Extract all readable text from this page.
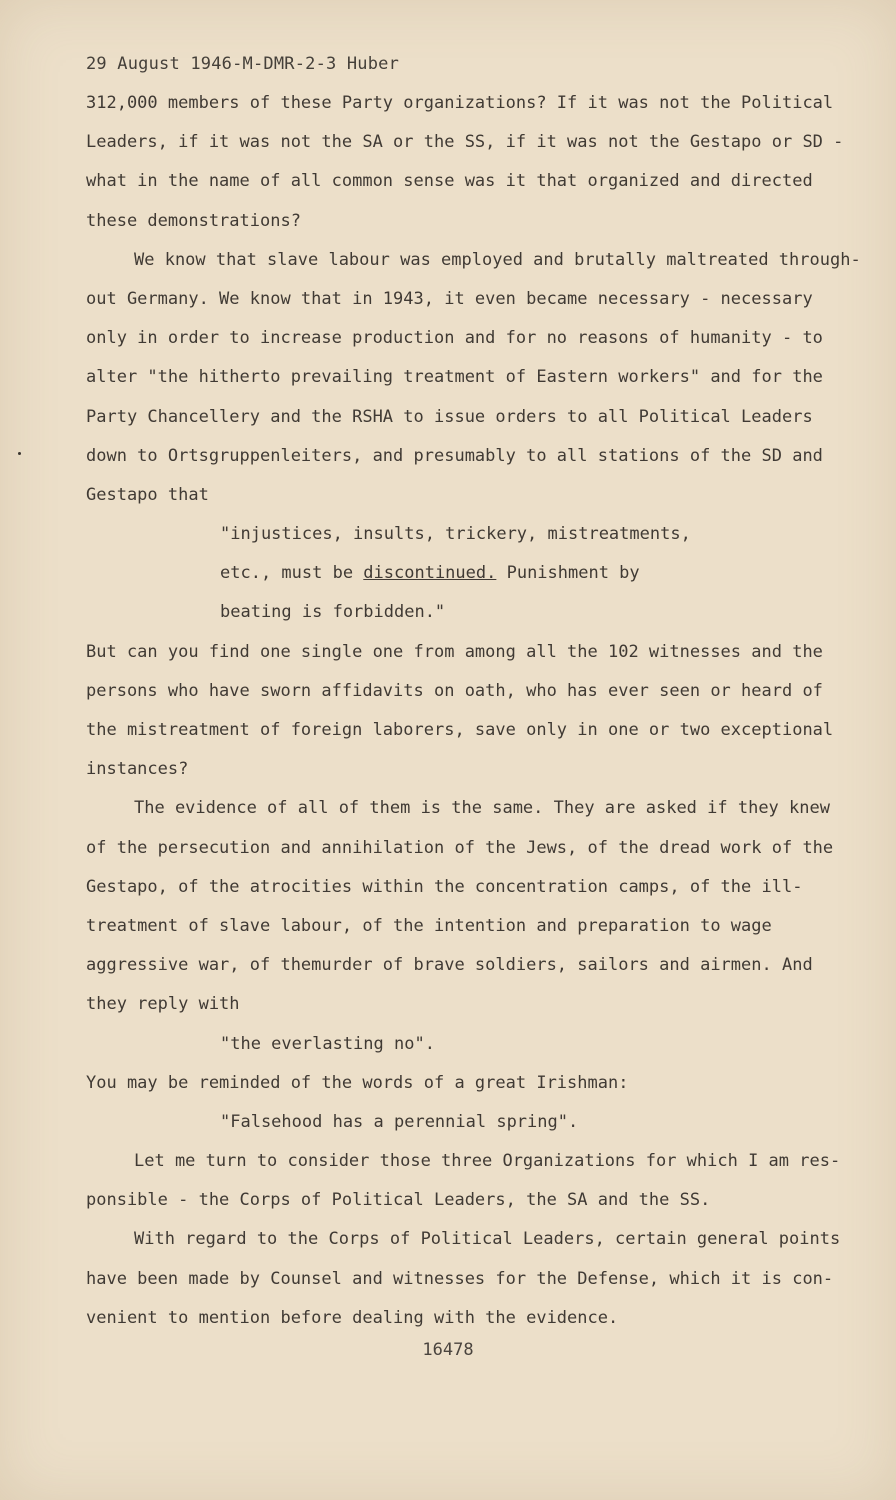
29 August 1946-M-DMR-2-3 Huber
312,000 members of these Party organizations? If it was not the Political
Leaders, if it was not the SA or the SS, if it was not the Gestapo or SD -
what in the name of all common sense was it that organized and directed
these demonstrations?
We know that slave labour was employed and brutally maltreated through-
out Germany. We know that in 1943, it even became necessary - necessary
only in order to increase production and for no reasons of humanity - to
alter "the hitherto prevailing treatment of Eastern workers" and for the
Party Chancellery and the RSHA to issue orders to all Political Leaders
down to Ortsgruppenleiters, and presumably to all stations of the SD and
Gestapo that
"injustices, insults, trickery, mistreatments,
etc., must be discontinued. Punishment by
beating is forbidden."
But can you find one single one from among all the 102 witnesses and the
persons who have sworn affidavits on oath, who has ever seen or heard of
the mistreatment of foreign laborers, save only in one or two exceptional
instances?
The evidence of all of them is the same. They are asked if they knew
of the persecution and annihilation of the Jews, of the dread work of the
Gestapo, of the atrocities within the concentration camps, of the ill-
treatment of slave labour, of the intention and preparation to wage
aggressive war, of themurder of brave soldiers, sailors and airmen. And
they reply with
"the everlasting no".
You may be reminded of the words of a great Irishman:
"Falsehood has a perennial spring".
Let me turn to consider those three Organizations for which I am res-
ponsible - the Corps of Political Leaders, the SA and the SS.
With regard to the Corps of Political Leaders, certain general points
have been made by Counsel and witnesses for the Defense, which it is con-
venient to mention before dealing with the evidence.
16478
